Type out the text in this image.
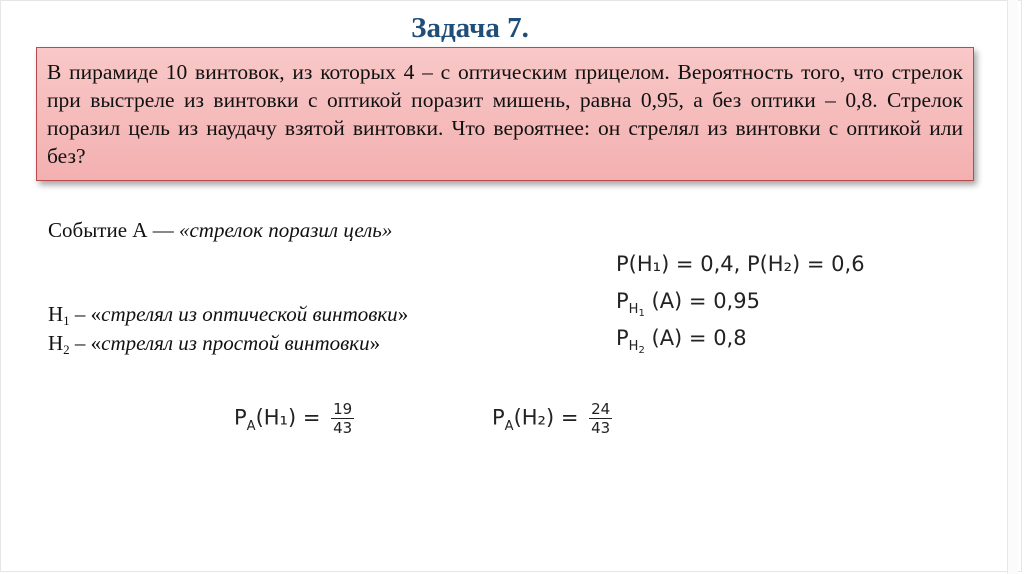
Задача 7.
В пирамиде 10 винтовок, из которых 4 – с оптическим прицелом. Вероятность того, что стрелок при выстреле из винтовки с оптикой поразит мишень, равна 0,95, а без оптики – 0,8. Стрелок поразил цель из наудачу взятой винтовки. Что вероятнее: он стрелял из винтовки с оптикой или без?
Событие А — «стрелок поразил цель»
$H_1$ – «стрелял из оптической винтовки»
$H_2$ – «стрелял из простой винтовки»
P(H₁) = 0,4, P(H₂) = 0,6
$P_{H1}$ (A) = 0,95
$P_{H2}$ (A) = 0,8
$P_A(H_1) = \frac{19}{43}$	$P_A(H_2) = \frac{24}{43}$
